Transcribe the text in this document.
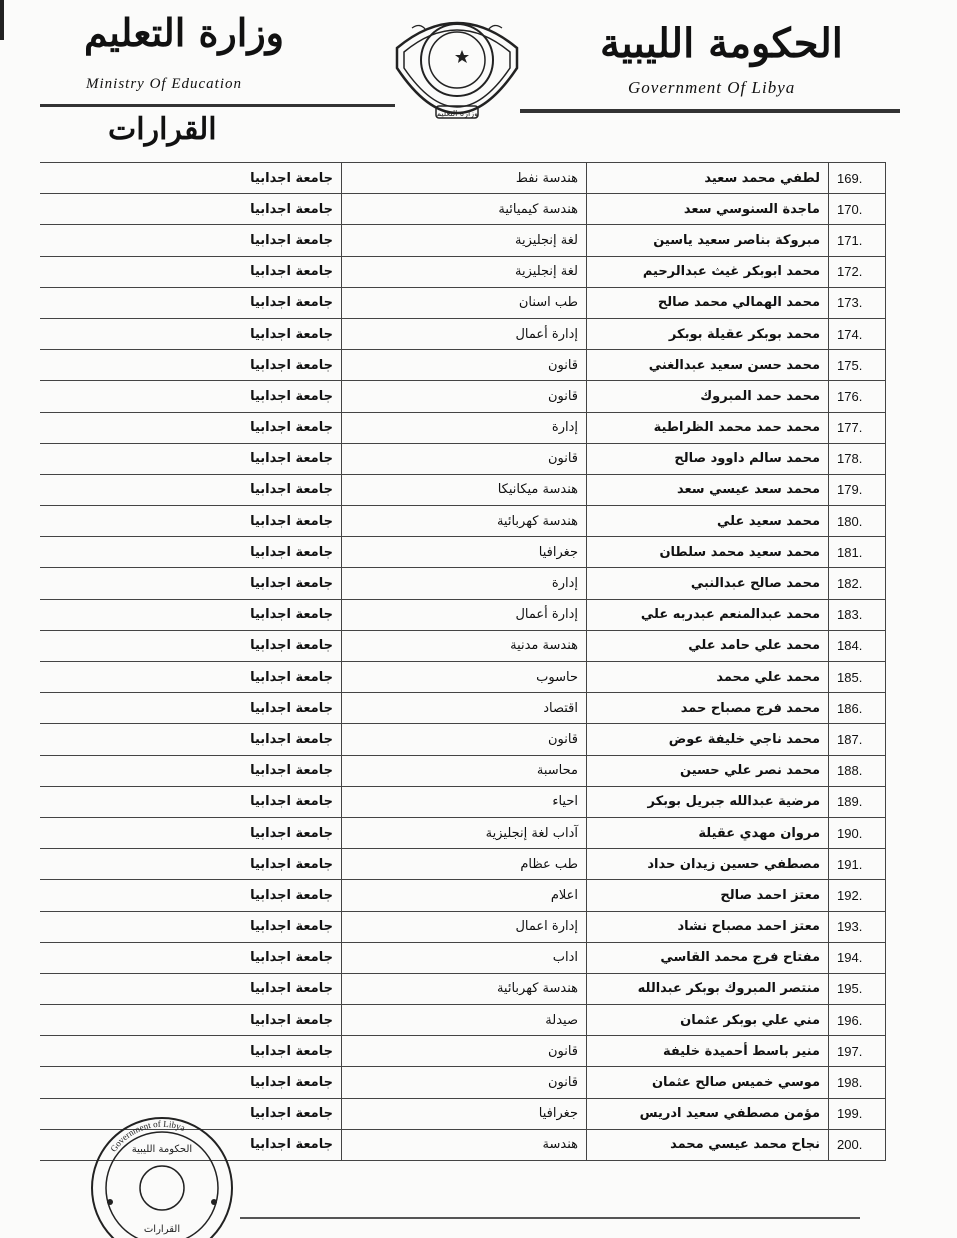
الحكومة الليبية
Government Of Libya
وزارة التعليم
Ministry Of Education
القرارات	وزارة التعليم
169.	لطفي محمد سعيد	هندسة نفط	جامعة اجدابيا
170.	ماجدة السنوسي سعد	هندسة كيميائية	جامعة اجدابيا
171.	مبروكة بناصر سعيد ياسين	لغة إنجليزية	جامعة اجدابيا
172.	محمد ابوبكر غيث عبدالرحيم	لغة إنجليزية	جامعة اجدابيا
173.	محمد الهمالي محمد صالح	طب اسنان	جامعة اجدابيا
174.	محمد بوبكر عقيلة بوبكر	إدارة أعمال	جامعة اجدابيا
175.	محمد حسن سعيد عبدالغني	قانون	جامعة اجدابيا
176.	محمد حمد المبروك	قانون	جامعة اجدابيا
177.	محمد حمد محمد الظراطية	إدارة	جامعة اجدابيا
178.	محمد سالم داوود صالح	قانون	جامعة اجدابيا
179.	محمد سعد عيسي سعد	هندسة ميكانيكا	جامعة اجدابيا
180.	محمد سعيد علي	هندسة كهربائية	جامعة اجدابيا
181.	محمد سعيد محمد سلطان	جغرافيا	جامعة اجدابيا
182.	محمد صالح عبدالنبي	إدارة	جامعة اجدابيا
183.	محمد عبدالمنعم عبدربه علي	إدارة أعمال	جامعة اجدابيا
184.	محمد علي حامد علي	هندسة مدنية	جامعة اجدابيا
185.	محمد علي محمد	حاسوب	جامعة اجدابيا
186.	محمد فرج مصباح حمد	اقتصاد	جامعة اجدابيا
187.	محمد ناجي خليفة عوض	قانون	جامعة اجدابيا
188.	محمد نصر علي حسين	محاسبة	جامعة اجدابيا
189.	مرضية عبدالله جبريل بوبكر	احياء	جامعة اجدابيا
190.	مروان مهدي عقيلة	آداب لغة إنجليزية	جامعة اجدابيا
191.	مصطفي حسين زيدان حداد	طب عظام	جامعة اجدابيا
192.	معتز احمد صالح	اعلام	جامعة اجدابيا
193.	معتز احمد مصباح نشاد	إدارة اعمال	جامعة اجدابيا
194.	مفتاح فرج محمد القاسي	اداب	جامعة اجدابيا
195.	منتصر المبروك بوبكر عبدالله	هندسة كهربائية	جامعة اجدابيا
196.	مني علي بوبكر عثمان	صيدلة	جامعة اجدابيا
197.	منير باسط أحميدة خليفة	قانون	جامعة اجدابيا
198.	موسي خميس صالح عثمان	قانون	جامعة اجدابيا
199.	مؤمن مصطفي سعيد ادريس	جغرافيا	جامعة اجدابيا
200.	نجاح محمد عيسي محمد	هندسة	جامعة اجدابيا
Government of Libya
الحكومة الليبية
القرارات
